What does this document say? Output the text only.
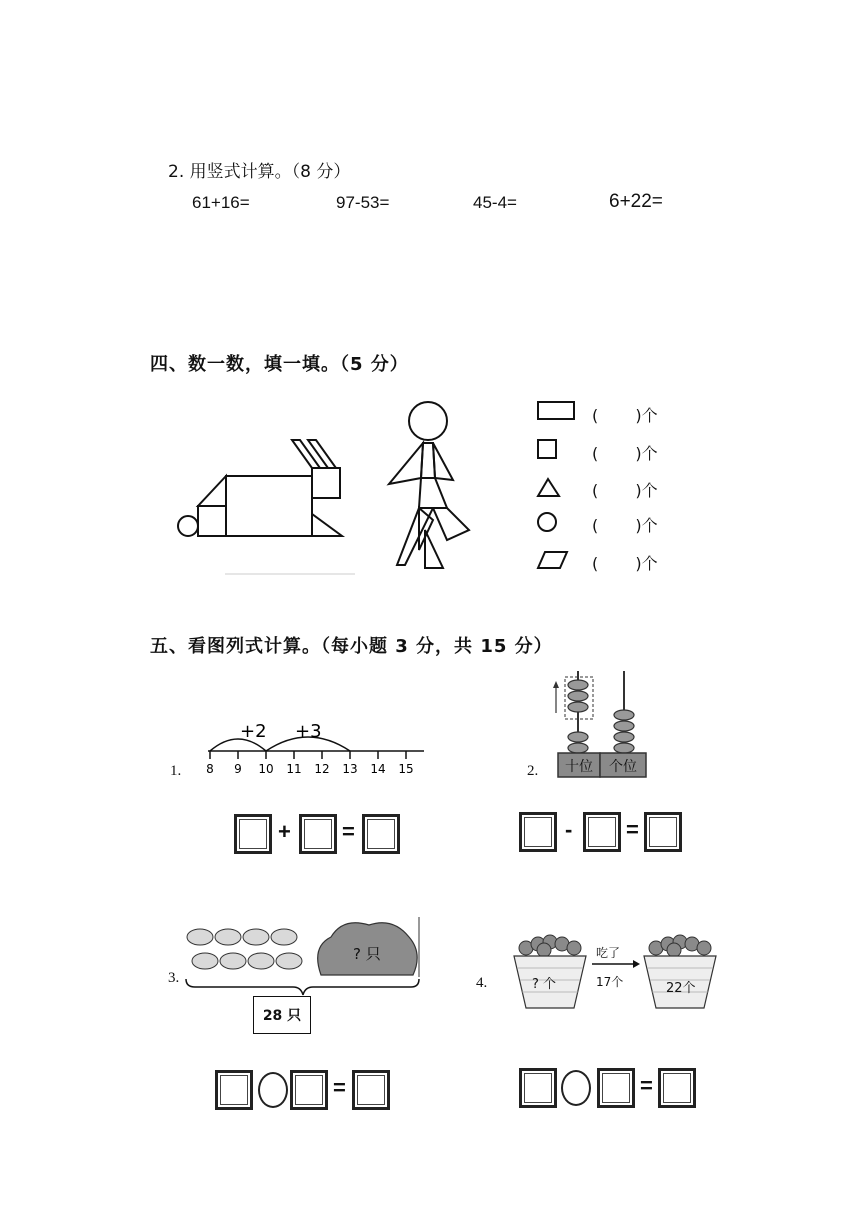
2. 用竖式计算。（8 分）
61+16=	97-53=	45-4=	6+22=
四、数一数，填一填。（5 分）
(　　 )个
(　　 )个
(　　 )个
(　　 )个
(　　 )个
五、看图列式计算。（每小题 3 分，共 15 分）
1.
+2 +3
8 9 10 11 12 13 14 15
+ =
2. 十位 个位
- =
3.
? 只
28 只
=
4.	? 个	22个
吃了
17个
=
